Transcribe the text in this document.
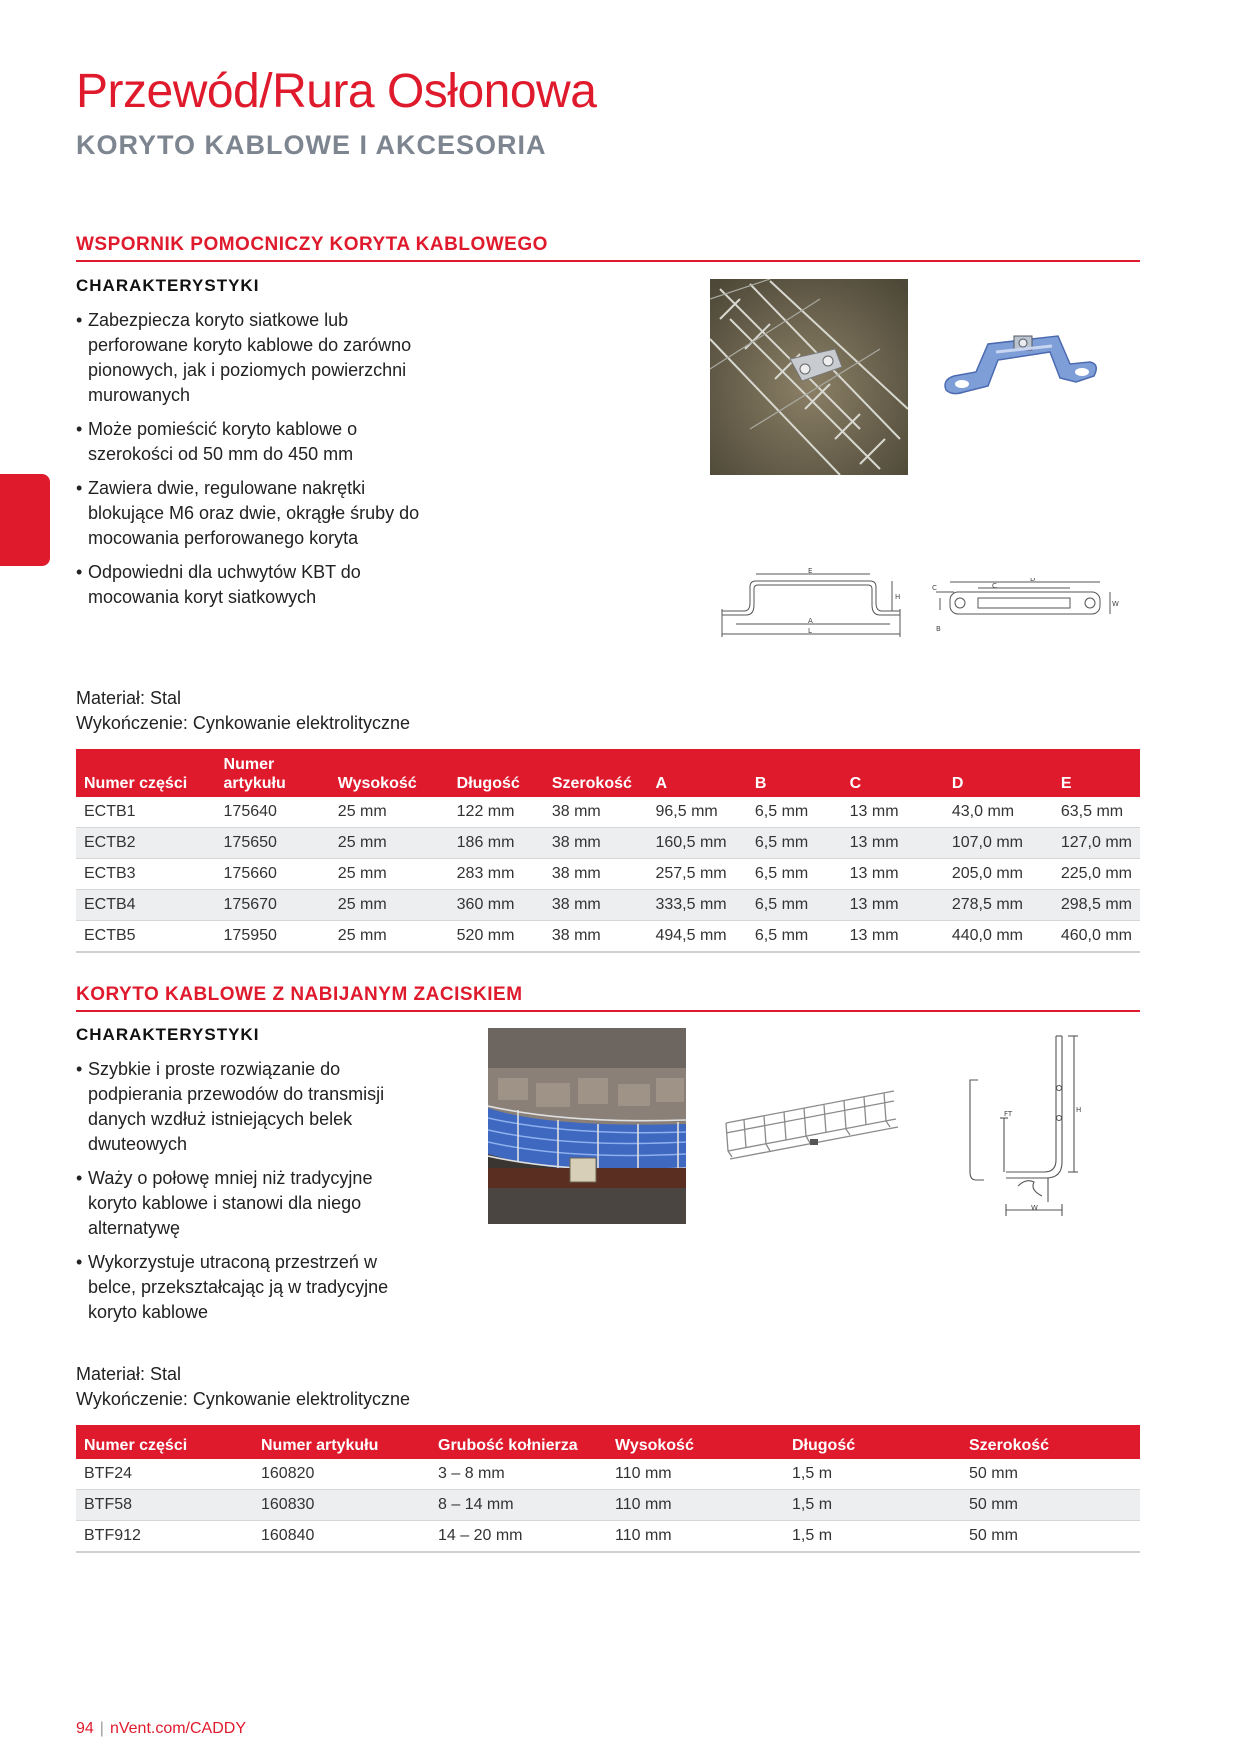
Przewód/Rura Osłonowa
KORYTO KABLOWE I AKCESORIA
WSPORNIK POMOCNICZY KORYTA KABLOWEGO
CHARAKTERYSTYKI
• Zabezpiecza koryto siatkowe lub perforowane koryto kablowe do zarówno pionowych, jak i poziomych powierzchni murowanych
• Może pomieścić koryto kablowe o szerokości od 50 mm do 450 mm
• Zawiera dwie, regulowane nakrętki blokujące M6 oraz dwie, okrągłe śruby do mocowania perforowanego koryta
• Odpowiedni dla uchwytów KBT do mocowania koryt siatkowych
E
H
A
L
D
C
C
W
B
Materiał: Stal
Wykończenie: Cynkowanie elektrolityczne
Numer części	Numer artykułu	Wysokość	Długość	Szerokość	A	B	C	D	E
ECTB1	175640	25 mm	122 mm	38 mm	96,5 mm	6,5 mm	13 mm	43,0 mm	63,5 mm
ECTB2	175650	25 mm	186 mm	38 mm	160,5 mm	6,5 mm	13 mm	107,0 mm	127,0 mm
ECTB3	175660	25 mm	283 mm	38 mm	257,5 mm	6,5 mm	13 mm	205,0 mm	225,0 mm
ECTB4	175670	25 mm	360 mm	38 mm	333,5 mm	6,5 mm	13 mm	278,5 mm	298,5 mm
ECTB5	175950	25 mm	520 mm	38 mm	494,5 mm	6,5 mm	13 mm	440,0 mm	460,0 mm
KORYTO KABLOWE Z NABIJANYM ZACISKIEM
CHARAKTERYSTYKI
• Szybkie i proste rozwiązanie do podpierania przewodów do transmisji danych wzdłuż istniejących belek dwuteowych
• Waży o połowę mniej niż tradycyjne koryto kablowe i stanowi dla niego alternatywę
• Wykorzystuje utraconą przestrzeń w belce, przekształcając ją w tradycyjne koryto kablowe
FT	H
W
Materiał: Stal
Wykończenie: Cynkowanie elektrolityczne
Numer części	Numer artykułu	Grubość kołnierza	Wysokość	Długość	Szerokość
BTF24	160820	3 – 8 mm	110 mm	1,5 m	50 mm
BTF58	160830	8 – 14 mm	110 mm	1,5 m	50 mm
BTF912	160840	14 – 20 mm	110 mm	1,5 m	50 mm
94 | nVent.com/CADDY
